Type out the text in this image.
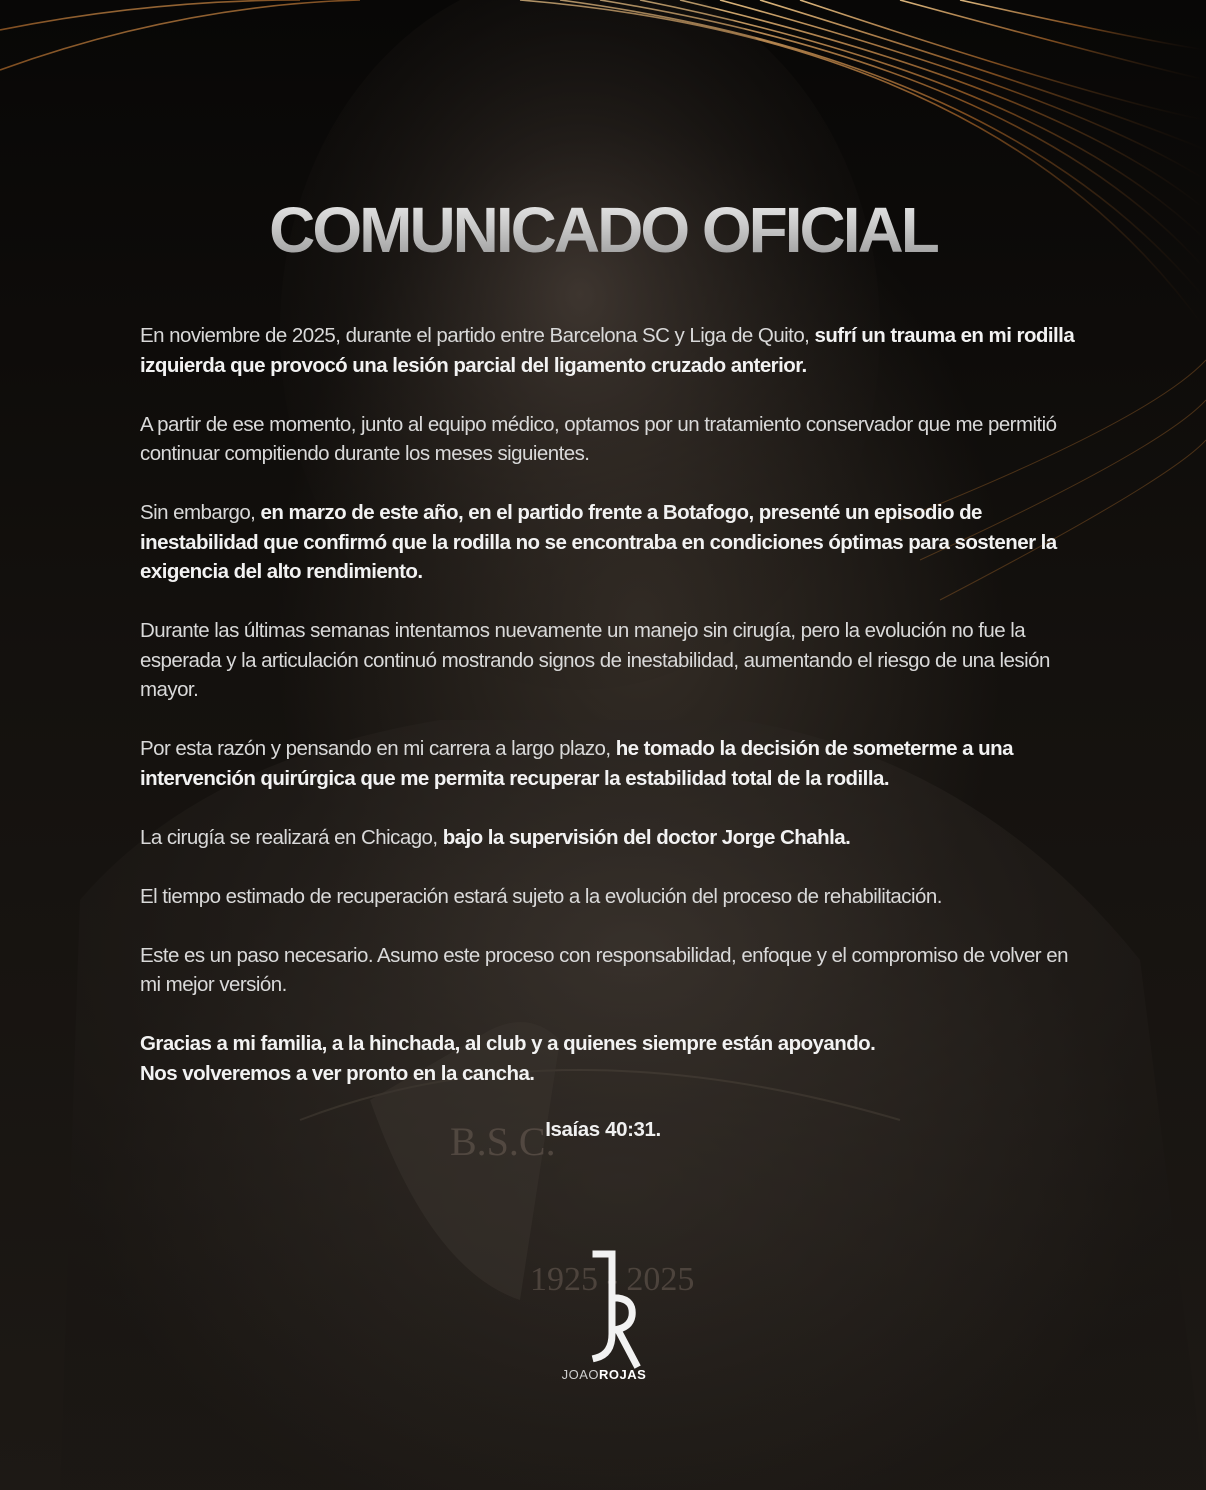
B.S.C.
1925 - 2025
COMUNICADO OFICIAL

En noviembre de 2025, durante el partido entre Barcelona SC y Liga de Quito, sufrí un trauma en mi rodilla izquierda que provocó una lesión parcial del ligamento cruzado anterior.

A partir de ese momento, junto al equipo médico, optamos por un tratamiento conservador que me permitió continuar compitiendo durante los meses siguientes.

Sin embargo, en marzo de este año, en el partido frente a Botafogo, presenté un episodio de inestabilidad que confirmó que la rodilla no se encontraba en condiciones óptimas para sostener la exigencia del alto rendimiento.

Durante las últimas semanas intentamos nuevamente un manejo sin cirugía, pero la evolución no fue la esperada y la articulación continuó mostrando signos de inestabilidad, aumentando el riesgo de una lesión mayor.

Por esta razón y pensando en mi carrera a largo plazo, he tomado la decisión de someterme a una intervención quirúrgica que me permita recuperar la estabilidad total de la rodilla.

La cirugía se realizará en Chicago, bajo la supervisión del doctor Jorge Chahla.

El tiempo estimado de recuperación estará sujeto a la evolución del proceso de rehabilitación.

Este es un paso necesario. Asumo este proceso con responsabilidad, enfoque y el compromiso de volver en mi mejor versión.

Gracias a mi familia, a la hinchada, al club y a quienes siempre están apoyando.
Nos volveremos a ver pronto en la cancha.

Isaías 40:31.
JOAOROJAS
